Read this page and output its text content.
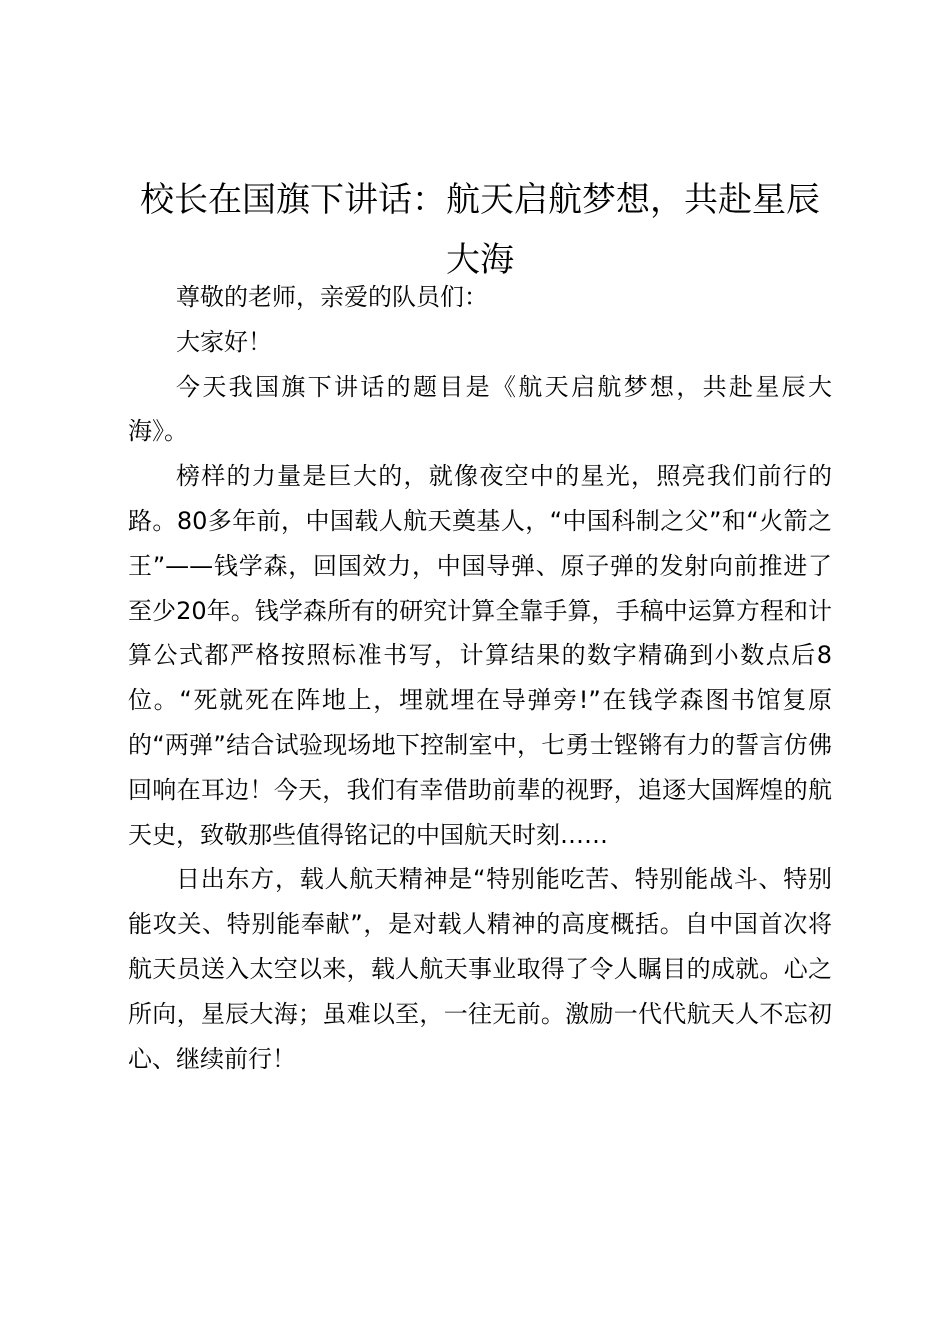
校长在国旗下讲话：航天启航梦想，共赴星辰大海

尊敬的老师，亲爱的队员们：

大家好！

今天我国旗下讲话的题目是《航天启航梦想，共赴星辰大海》。

榜样的力量是巨大的，就像夜空中的星光，照亮我们前行的路。80多年前，中国载人航天奠基人，“中国科制之父”和“火箭之王”——钱学森，回国效力，中国导弹、原子弹的发射向前推进了至少20年。钱学森所有的研究计算全靠手算，手稿中运算方程和计算公式都严格按照标准书写，计算结果的数字精确到小数点后8位。“死就死在阵地上，埋就埋在导弹旁!”在钱学森图书馆复原的“两弹”结合试验现场地下控制室中，七勇士铿锵有力的誓言仿佛回响在耳边！今天，我们有幸借助前辈的视野，追逐大国辉煌的航天史，致敬那些值得铭记的中国航天时刻……

日出东方，载人航天精神是“特别能吃苦、特别能战斗、特别能攻关、特别能奉献”，是对载人精神的高度概括。自中国首次将航天员送入太空以来，载人航天事业取得了令人瞩目的成就。心之所向，星辰大海；虽难以至，一往无前。激励一代代航天人不忘初心、继续前行！
